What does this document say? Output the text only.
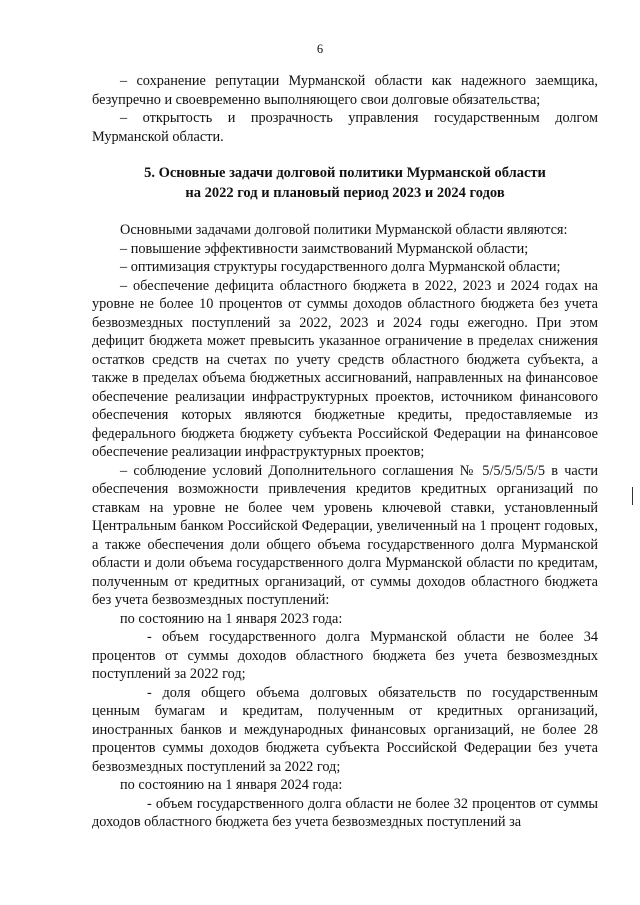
6

– сохранение репутации Мурманской области как надежного заемщика, безупречно и своевременно выполняющего свои долговые обязательства;

– открытость и прозрачность управления государственным долгом Мурманской области.

5. Основные задачи долговой политики Мурманской области
на 2022 год и плановый период 2023 и 2024 годов

Основными задачами долговой политики Мурманской области являются:

– повышение эффективности заимствований Мурманской области;

– оптимизация структуры государственного долга Мурманской области;

– обеспечение дефицита областного бюджета в 2022, 2023 и 2024 годах на уровне не более 10 процентов от суммы доходов областного бюджета без учета безвозмездных поступлений за 2022, 2023 и 2024 годы ежегодно. При этом дефицит бюджета может превысить указанное ограничение в пределах снижения остатков средств на счетах по учету средств областного бюджета субъекта, а также в пределах объема бюджетных ассигнований, направленных на финансовое обеспечение реализации инфраструктурных проектов, источником финансового обеспечения которых являются бюджетные кредиты, предоставляемые из федерального бюджета бюджету субъекта Российской Федерации на финансовое обеспечение реализации инфраструктурных проектов;

– соблюдение условий Дополнительного соглашения № 5/5/5/5/5/5 в части обеспечения возможности привлечения кредитов кредитных организаций по ставкам на уровне не более чем уровень ключевой ставки, установленный Центральным банком Российской Федерации, увеличенный на 1 процент годовых, а также обеспечения доли общего объема государственного долга Мурманской области и доли объема государственного долга Мурманской области по кредитам, полученным от кредитных организаций, от суммы доходов областного бюджета без учета безвозмездных поступлений:

по состоянию на 1 января 2023 года:

- объем государственного долга Мурманской области не более 34 процентов от суммы доходов областного бюджета без учета безвозмездных поступлений за 2022 год;

- доля общего объема долговых обязательств по государственным ценным бумагам и кредитам, полученным от кредитных организаций, иностранных банков и международных финансовых организаций, не более 28 процентов суммы доходов бюджета субъекта Российской Федерации без учета безвозмездных поступлений за 2022 год;

по состоянию на 1 января 2024 года:

- объем государственного долга области не более 32 процентов от суммы доходов областного бюджета без учета безвозмездных поступлений за
